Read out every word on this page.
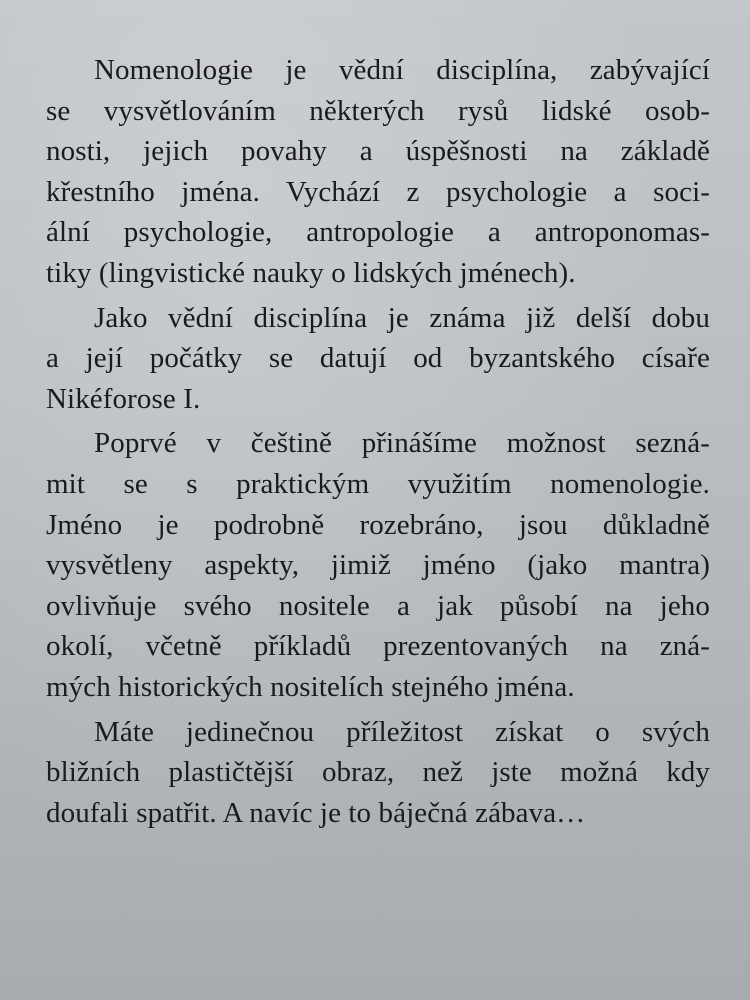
Nomenologie je vědní disciplína, zabývající
se vysvětlováním některých rysů lidské osob-
nosti, jejich povahy a úspěšnosti na základě
křestního jména. Vychází z psychologie a soci-
ální psychologie, antropologie a antroponomas-
tiky (lingvistické nauky o lidských jménech).
Jako vědní disciplína je známa již delší dobu
a její počátky se datují od byzantského císaře
Nikéforose I.
Poprvé v češtině přinášíme možnost sezná-
mit se s praktickým využitím nomenologie.
Jméno je podrobně rozebráno, jsou důkladně
vysvětleny aspekty, jimiž jméno (jako mantra)
ovlivňuje svého nositele a jak působí na jeho
okolí, včetně příkladů prezentovaných na zná-
mých historických nositelích stejného jména.
Máte jedinečnou příležitost získat o svých
bližních plastičtější obraz, než jste možná kdy
doufali spatřit. A navíc je to báječná zábava…
